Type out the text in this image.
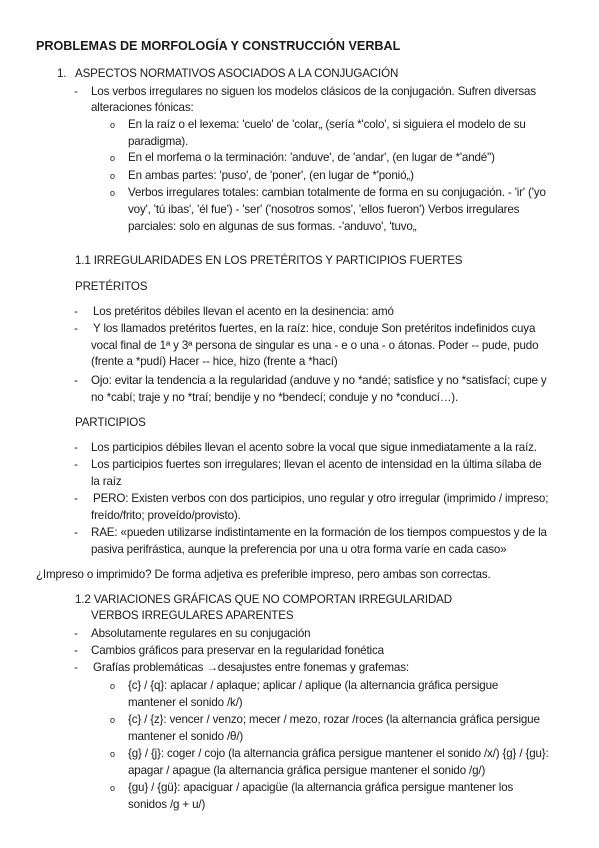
PROBLEMAS DE MORFOLOGÍA Y CONSTRUCCIÓN VERBAL
1. ASPECTOS NORMATIVOS ASOCIADOS A LA CONJUGACIÓN
- Los verbos irregulares no siguen los modelos clásicos de la conjugación. Sufren diversas
alteraciones fónicas:
o En la raíz o el lexema: 'cuelo' de 'colar„ (sería *'colo', si siguiera el modelo de su
paradigma).
o En el morfema o la terminación: 'anduve', de 'andar', (en lugar de *'andé")
o En ambas partes: 'puso', de 'poner', (en lugar de *'ponió„)
o Verbos irregulares totales: cambian totalmente de forma en su conjugación. - 'ir' ('yo
voy', 'tú ibas', 'él fue') - 'ser' ('nosotros somos', 'ellos fueron') Verbos irregulares
parciales: solo en algunas de sus formas. -'anduvo', 'tuvo„
1.1 IRREGULARIDADES EN LOS PRETÉRITOS Y PARTICIPIOS FUERTES
PRETÉRITOS
- Los pretéritos débiles llevan el acento en la desinencia: amó
- Y los llamados pretéritos fuertes, en la raíz: hice, conduje Son pretéritos indefinidos cuya
vocal final de 1ª y 3ª persona de singular es una - e o una - o átonas. Poder -- pude, pudo
(frente a *pudí) Hacer -- hice, hizo (frente a *hací)
- Ojo: evitar la tendencia a la regularidad (anduve y no *andé; satisfice y no *satisfací; cupe y
no *cabí; traje y no *traí; bendije y no *bendecí; conduje y no *conducí…).
PARTICIPIOS
- Los participios débiles llevan el acento sobre la vocal que sigue inmediatamente a la raíz.
- Los participios fuertes son irregulares; llevan el acento de intensidad en la última sílaba de
la raíz
- PERO: Existen verbos con dos participios, uno regular y otro irregular (imprimido / impreso;
freído/frito; proveído/provisto).
- RAE: «pueden utilizarse indistintamente en la formación de los tiempos compuestos y de la
pasiva perifrástica, aunque la preferencia por una u otra forma varíe en cada caso»
¿Impreso o imprimido? De forma adjetiva es preferible impreso, pero ambas son correctas.
1.2 VARIACIONES GRÁFICAS QUE NO COMPORTAN IRREGULARIDAD
VERBOS IRREGULARES APARENTES
- Absolutamente regulares en su conjugación
- Cambios gráficos para preservar en la regularidad fonética
- Grafías problemáticas →desajustes entre fonemas y grafemas:
o {c} / {q}: aplacar / aplaque; aplicar / aplique (la alternancia gráfica persigue
mantener el sonido /k/)
o {c} / {z}: vencer / venzo; mecer / mezo, rozar /roces (la alternancia gráfica persigue
mantener el sonido /θ/)
o {g} / {j}: coger / cojo (la alternancia gráfica persigue mantener el sonido /x/) {g} / {gu}:
apagar / apague (la alternancia gráfica persigue mantener el sonido /g/)
o {gu} / {gü}: apaciguar / apacigüe (la alternancia gráfica persigue mantener los
sonidos /g + u/)
